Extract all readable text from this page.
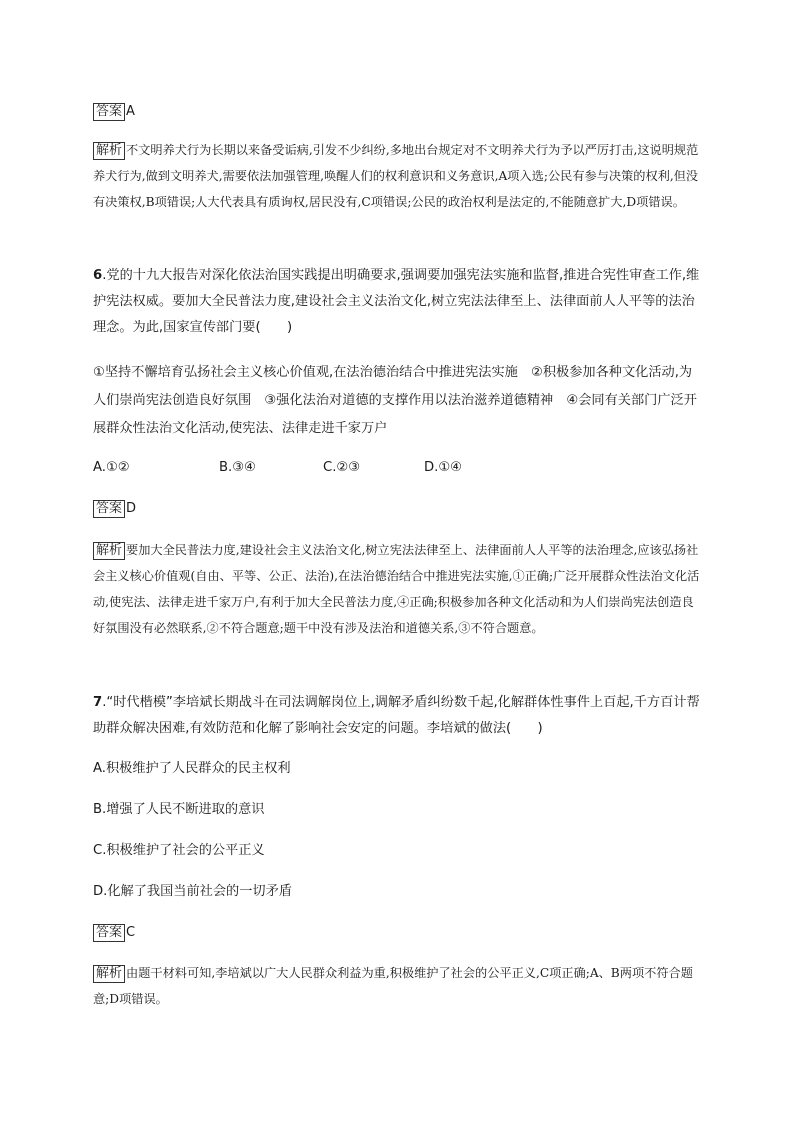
答案 A
解析 不文明养犬行为长期以来备受诟病,引发不少纠纷,多地出台规定对不文明养犬行为予以严厉打击,这说明规范养犬行为,做到文明养犬,需要依法加强管理,唤醒人们的权利意识和义务意识,A项入选;公民有参与决策的权利,但没有决策权,B项错误;人大代表具有质询权,居民没有,C项错误;公民的政治权利是法定的,不能随意扩大,D项错误。
6.党的十九大报告对深化依法治国实践提出明确要求,强调要加强宪法实施和监督,推进合宪性审查工作,维护宪法权威。要加大全民普法力度,建设社会主义法治文化,树立宪法法律至上、法律面前人人平等的法治理念。为此,国家宣传部门要(　　)
①坚持不懈培育弘扬社会主义核心价值观,在法治德治结合中推进宪法实施　②积极参加各种文化活动,为人们崇尚宪法创造良好氛围　③强化法治对道德的支撑作用以法治滋养道德精神　④会同有关部门广泛开展群众性法治文化活动,使宪法、法律走进千家万户
A.①②	B.③④	C.②③	D.①④
答案 D
解析 要加大全民普法力度,建设社会主义法治文化,树立宪法法律至上、法律面前人人平等的法治理念,应该弘扬社会主义核心价值观(自由、平等、公正、法治),在法治德治结合中推进宪法实施,①正确;广泛开展群众性法治文化活动,使宪法、法律走进千家万户,有利于加大全民普法力度,④正确;积极参加各种文化活动和为人们崇尚宪法创造良好氛围没有必然联系,②不符合题意;题干中没有涉及法治和道德关系,③不符合题意。
7.“时代楷模”李培斌长期战斗在司法调解岗位上,调解矛盾纠纷数千起,化解群体性事件上百起,千方百计帮助群众解决困难,有效防范和化解了影响社会安定的问题。李培斌的做法(　　)
A.积极维护了人民群众的民主权利
B.增强了人民不断进取的意识
C.积极维护了社会的公平正义
D.化解了我国当前社会的一切矛盾
答案 C
解析 由题干材料可知,李培斌以广大人民群众利益为重,积极维护了社会的公平正义,C项正确;A、B两项不符合题意;D项错误。
